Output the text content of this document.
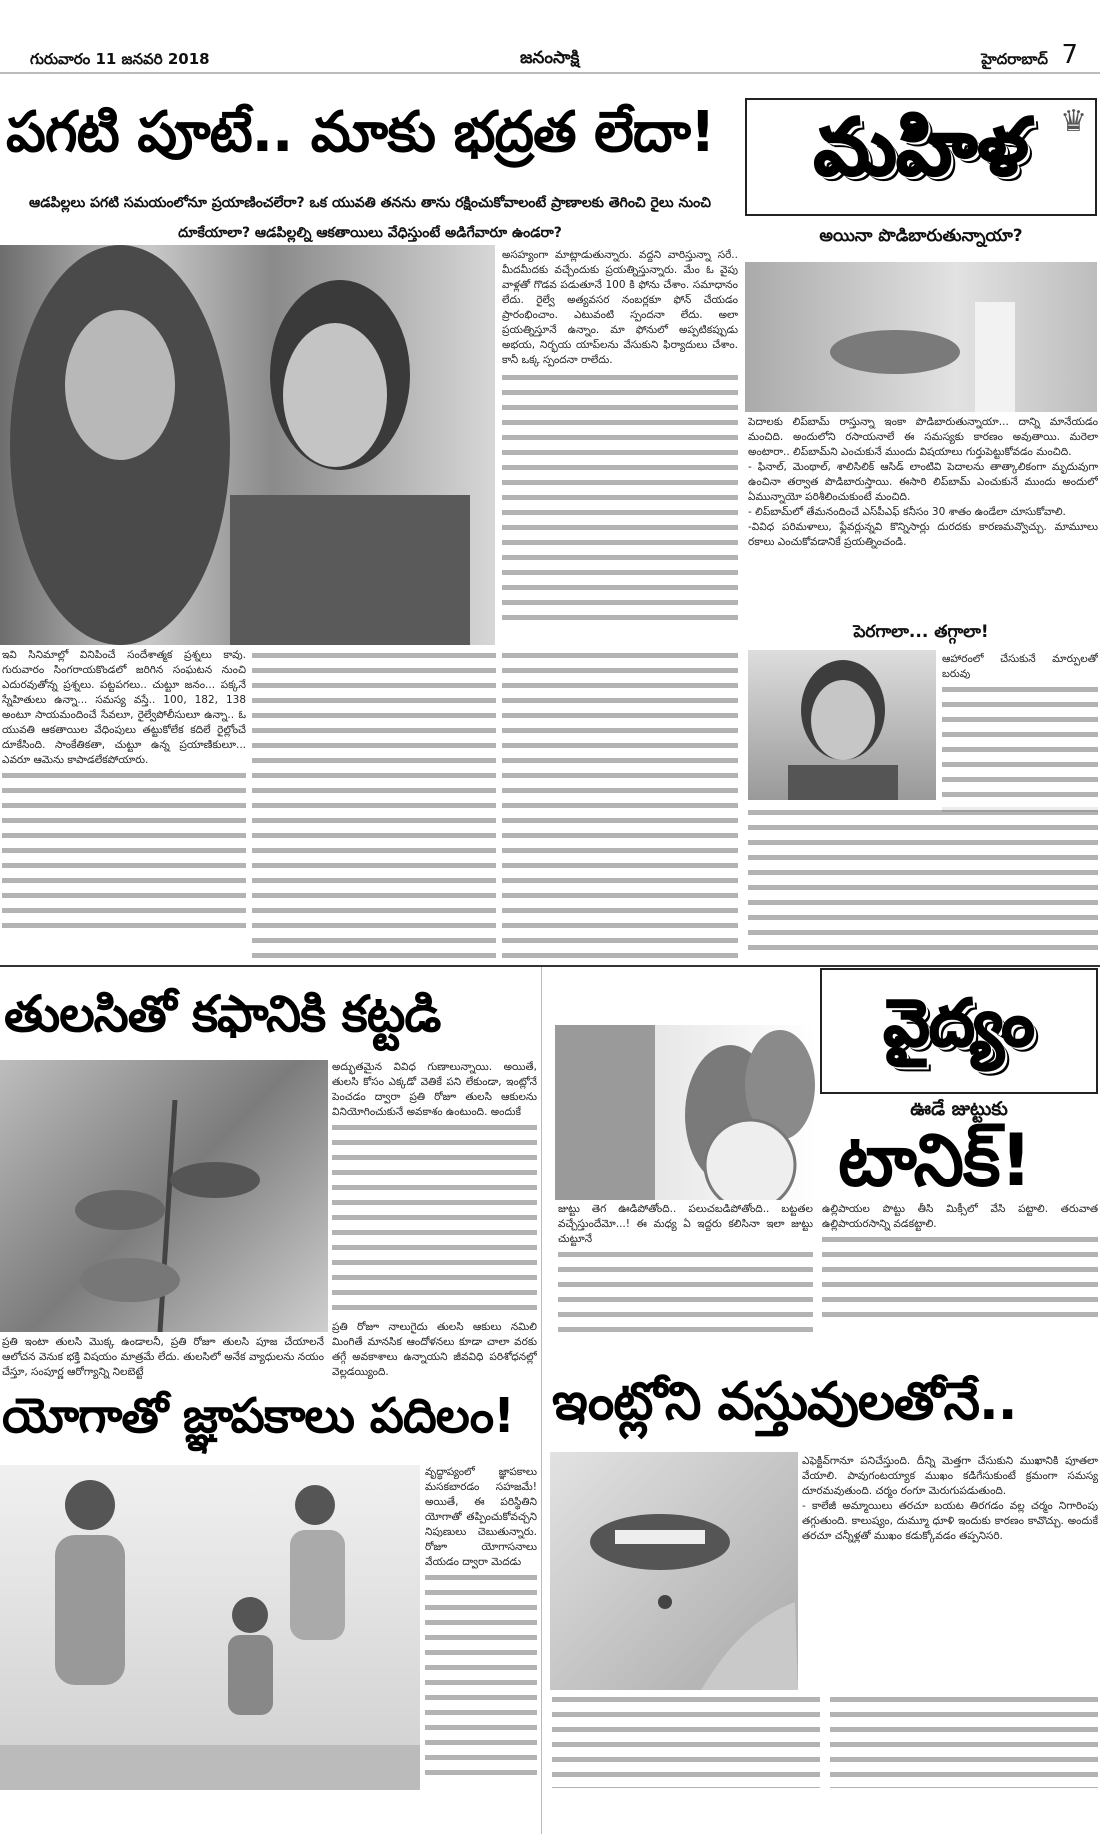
గురువారం 11 జనవరి 2018	జనంసాక్షి	హైదరాబాద్ 7
పగటి పూటే.. మాకు భద్రత లేదా!
ఆడపిల్లలు పగటి సమయంలోనూ ప్రయాణించలేరా? ఒక యువతి తనను తాను రక్షించుకోవాలంటే ప్రాణాలకు తెగించి రైలు నుంచి దూకేయాలా? ఆడపిల్లల్ని ఆకతాయిలు వేధిస్తుంటే అడిగేవారూ ఉండరా?
అసహ్యంగా మాట్లాడుతున్నారు. వద్దని వారిస్తున్నా సరే.. మీదమీదకు వచ్చేందుకు ప్రయత్నిస్తున్నారు. మేం ఓ వైపు వాళ్లతో గొడవ పడుతూనే 100 కి ఫోను చేశాం. సమాధానం లేదు. రైల్వే అత్యవసర నంబర్లకూ ఫోన్ చేయడం ప్రారంభించాం. ఎటువంటి స్పందనా లేదు. అలా ప్రయత్నిస్తూనే ఉన్నాం. మా ఫోనులో అప్పటికప్పుడు అభయ, నిర్భయ యాప్‌లను వేసుకుని ఫిర్యాదులు చేశాం. కానీ ఒక్క స్పందనా రాలేదు.
ఇవి సినిమాల్లో వినిపించే సందేశాత్మక ప్రశ్నలు కావు. గురువారం సింగరాయకొండలో జరిగిన సంఘటన నుంచి ఎదురవుతోన్న ప్రశ్నలు. పట్టపగలు.. చుట్టూ జనం... పక్కనే స్నేహితులు ఉన్నా... సమస్య వస్తే.. 100, 182, 138 అంటూ సాయమందించే సేవలూ, రైల్వేపోలీసులూ ఉన్నా.. ఓ యువతి ఆకతాయిల వేధింపులు తట్టుకోలేక కదిలే రైల్లోంచే దూకేసింది. సాంకేతికతా, చుట్టూ ఉన్న ప్రయాణికులూ... ఎవరూ ఆమెను కాపాడలేకపోయారు.
మహిళ ♛
అయినా పొడిబారుతున్నాయా?
పెదాలకు లిప్‌బామ్ రాస్తున్నా ఇంకా పొడిబారుతున్నాయా... దాన్ని మానేయడం మంచిది. అందులోని రసాయనాలే ఈ సమస్యకు కారణం అవుతాయి. మరెలా అంటారా.. లిప్‌బామ్‌ని ఎంచుకునే ముందు విషయాలు గుర్తుపెట్టుకోవడం మంచిది.
- ఫినాల్, మెంథాల్, శాలిసిలిక్ ఆసిడ్ లాంటివి పెదాలను తాత్కాలికంగా మృదువుగా ఉంచినా తర్వాత పొడిబారుస్తాయి. ఈసారి లిప్‌బామ్ ఎంచుకునే ముందు అందులో ఏమున్నాయో పరిశీలించుకుంటే మంచిది.
- లిప్‌బామ్‌లో తేమనందించే ఎస్‌పీఎఫ్ కనీసం 30 శాతం ఉండేలా చూసుకోవాలి.
-వివిధ పరిమళాలు, ఫ్లేవర్లున్నవి కొన్నిసార్లు దురదకు కారణమవ్వొచ్చు. మామూలు రకాలు ఎంచుకోవడానికే ప్రయత్నించండి.
పెరగాలా... తగ్గాలా!
ఆహారంలో చేసుకునే మార్పులతో బరువు
తులసితో కఫానికి కట్టడి
అద్భుతమైన వివిధ గుణాలున్నాయి. అయితే, తులసి కోసం ఎక్కడో వెతికే పని లేకుండా, ఇంట్లోనే పెంచడం ద్వారా ప్రతి రోజూ తులసి ఆకులను వినియోగించుకునే అవకాశం ఉంటుంది. అందుకే
ప్రతి ఇంటా తులసి మొక్క ఉండాలనీ, ప్రతి రోజూ తులసి పూజ చేయాలనే ఆలోచన వెనుక భక్తి విషయం మాత్రమే లేదు. తులసిలో అనేక వ్యాధులను నయం చేస్తూ, సంపూర్ణ ఆరోగ్యాన్ని నిలబెట్టే
ప్రతి రోజూ నాలుగైదు తులసి ఆకులు నమిలి మింగితే మానసిక ఆందోళనలు కూడా చాలా వరకు తగ్గే అవకాశాలు ఉన్నాయని జీవవిధి పరిశోధనల్లో వెల్లడయ్యింది.
జుట్టు తెగ ఊడిపోతోంది.. పలుచబడిపోతోంది.. బట్టతల వచ్చేస్తుందేమో...! ఈ మధ్య ఏ ఇద్దరు కలిసినా ఇలా జుట్టు చుట్టూనే
వైద్యం
ఊడే జుట్టుకు
టానిక్!
ఉల్లిపాయల పొట్టు తీసి మిక్సీలో వేసి పట్టాలి. తరువాత ఉల్లిపాయరసాన్ని వడకట్టాలి.
యోగాతో జ్ఞాపకాలు పదిలం!
వృద్ధాప్యంలో జ్ఞాపకాలు మసకబారడం సహజమే! అయితే, ఈ పరిస్థితిని యోగాతో తప్పించుకోవచ్చని నిపుణులు చెబుతున్నారు. రోజూ యోగాసనాలు వేయడం ద్వారా మెదడు
ఇంట్లోని వస్తువులతోనే..
ఎఫెక్టివ్‌గానూ పనిచేస్తుంది. దీన్ని మెత్తగా చేసుకుని ముఖానికి పూతలా వేయాలి. పావుగంటయ్యాక ముఖం కడిగేసుకుంటే క్రమంగా సమస్య దూరమవుతుంది. చర్మం రంగూ మెరుగుపడుతుంది.
- కాలేజీ అమ్మాయిలు తరచూ బయట తిరగడం వల్ల చర్మం నిగారింపు తగ్గుతుంది. కాలుష్యం, దుమ్మూ ధూళి ఇందుకు కారణం కావొచ్చు. అందుకే తరచూ చన్నీళ్లతో ముఖం కడుక్కోవడం తప్పనిసరి.
